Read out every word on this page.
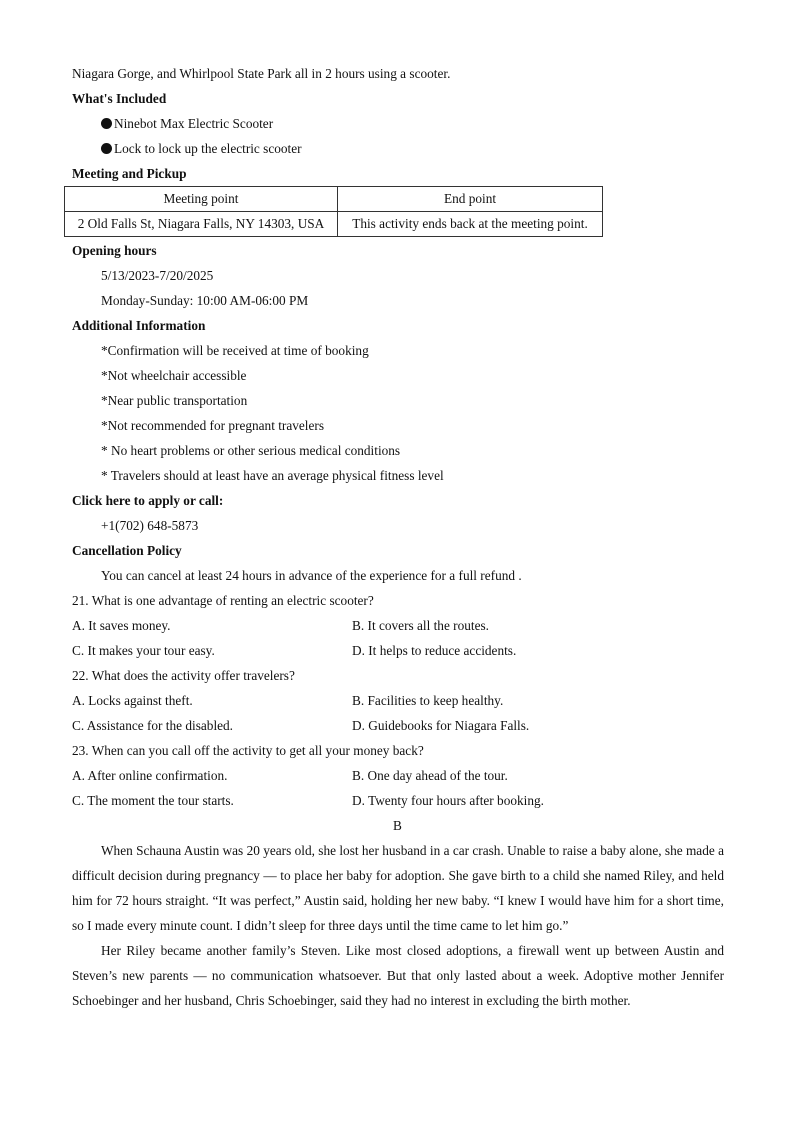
Niagara Gorge, and Whirlpool State Park all in 2 hours using a scooter.
What's Included
Ninebot Max Electric Scooter
Lock to lock up the electric scooter
Meeting and Pickup
Meeting point	End point
2 Old Falls St, Niagara Falls, NY 14303, USA	This activity ends back at the meeting point.
Opening hours
5/13/2023-7/20/2025
Monday-Sunday: 10:00 AM-06:00 PM
Additional Information
*Confirmation will be received at time of booking
*Not wheelchair accessible
*Near public transportation
*Not recommended for pregnant travelers
* No heart problems or other serious medical conditions
* Travelers should at least have an average physical fitness level
Click here to apply or call:
+1(702) 648-5873
Cancellation Policy
You can cancel at least 24 hours in advance of the experience for a full refund .
21. What is one advantage of renting an electric scooter?
A. It saves money.	B. It covers all the routes.
C. It makes your tour easy.	D. It helps to reduce accidents.
22. What does the activity offer travelers?
A. Locks against theft.	B. Facilities to keep healthy.
C. Assistance for the disabled.	D. Guidebooks for Niagara Falls.
23. When can you call off the activity to get all your money back?
A. After online confirmation.	B. One day ahead of the tour.
C. The moment the tour starts.	D. Twenty four hours after booking.
B
When Schauna Austin was 20 years old, she lost her husband in a car crash. Unable to raise a baby alone, she made a difficult decision during pregnancy — to place her baby for adoption. She gave birth to a child she named Riley, and held him for 72 hours straight. “It was perfect,” Austin said, holding her new baby. “I knew I would have him for a short time, so I made every minute count. I didn’t sleep for three days until the time came to let him go.”
Her Riley became another family’s Steven. Like most closed adoptions, a firewall went up between Austin and Steven’s new parents — no communication whatsoever. But that only lasted about a week. Adoptive mother Jennifer Schoebinger and her husband, Chris Schoebinger, said they had no interest in excluding the birth mother.
